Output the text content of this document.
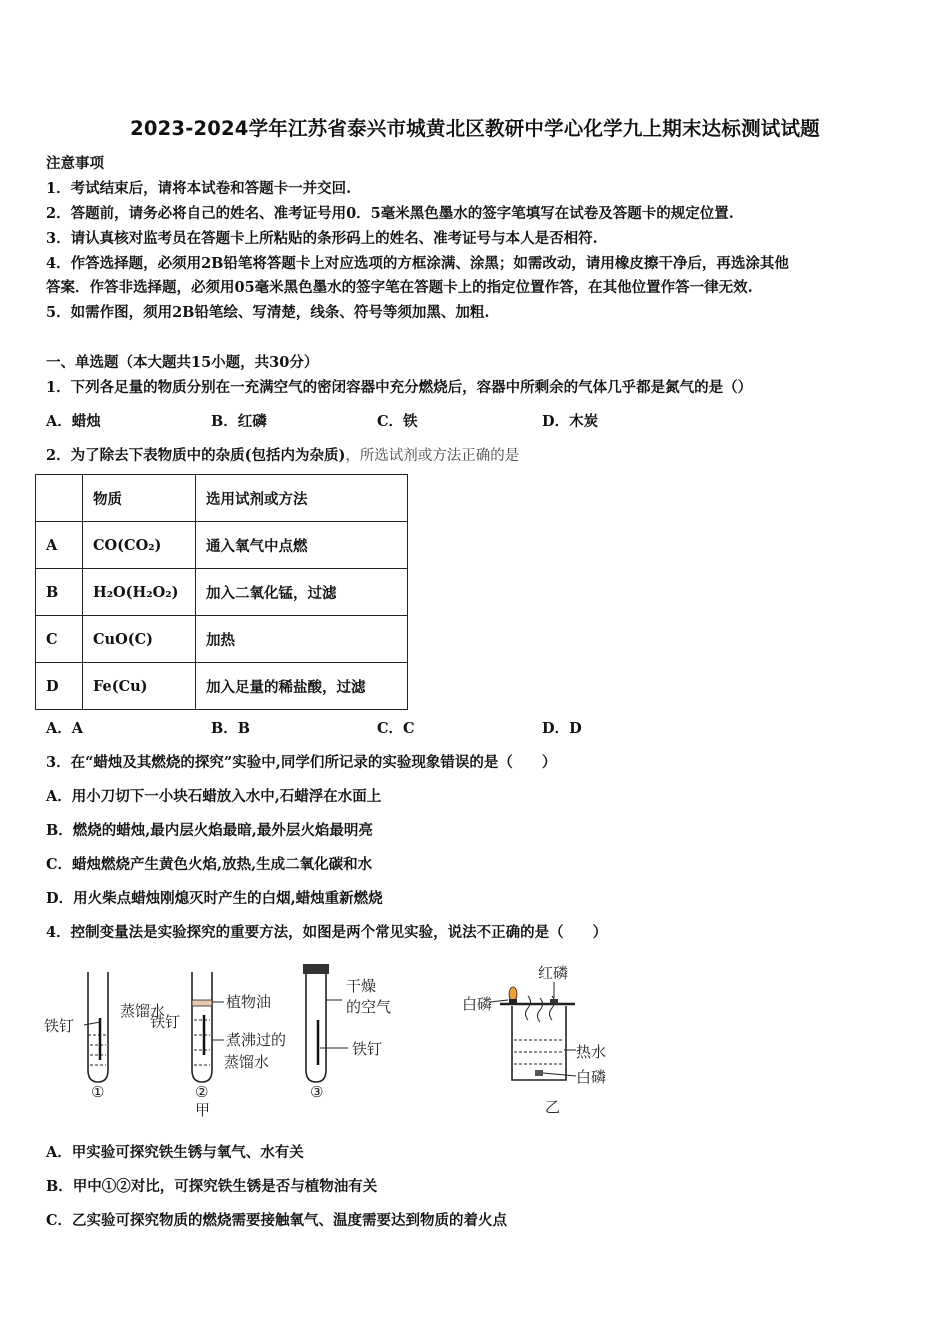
2023-2024学年江苏省泰兴市城黄北区教研中学心化学九上期末达标测试试题
注意事项
1．考试结束后，请将本试卷和答题卡一并交回.
2．答题前，请务必将自己的姓名、准考证号用0．5毫米黑色墨水的签字笔填写在试卷及答题卡的规定位置.
3．请认真核对监考员在答题卡上所粘贴的条形码上的姓名、准考证号与本人是否相符.
4．作答选择题，必须用2B铅笔将答题卡上对应选项的方框涂满、涂黑；如需改动，请用橡皮擦干净后，再选涂其他
答案．作答非选择题，必须用05毫米黑色墨水的签字笔在答题卡上的指定位置作答，在其他位置作答一律无效.
5．如需作图，须用2B铅笔绘、写清楚，线条、符号等须加黑、加粗.
一、单选题（本大题共15小题，共30分）
1．下列各足量的物质分别在一充满空气的密闭容器中充分燃烧后，容器中所剩余的气体几乎都是氮气的是（）
A．蜡烛	B．红磷	C．铁	D．木炭
2．为了除去下表物质中的杂质(包括内为杂质)，所选试剂或方法正确的是
	物质	选用试剂或方法
A	CO(CO₂)	通入氧气中点燃
B	H₂O(H₂O₂)	加入二氧化锰，过滤
C	CuO(C)	加热
D	Fe(Cu)	加入足量的稀盐酸，过滤
A．A	B．B	C．C	D．D
3．在“蜡烛及其燃烧的探究”实验中,同学们所记录的实验现象错误的是（　　）
A．用小刀切下一小块石蜡放入水中,石蜡浮在水面上
B．燃烧的蜡烛,最内层火焰最暗,最外层火焰最明亮
C．蜡烛燃烧产生黄色火焰,放热,生成二氧化碳和水
D．用火柴点蜡烛刚熄灭时产生的白烟,蜡烛重新燃烧
4．控制变量法是实验探究的重要方法，如图是两个常见实验，说法不正确的是（　　）
铁钉
蒸馏水
①
铁钉
植物油
煮沸过的
蒸馏水
②
甲
干燥
的空气
铁钉
③
红磷
白磷
热水
白磷
乙
A．甲实验可探究铁生锈与氧气、水有关
B．甲中①②对比，可探究铁生锈是否与植物油有关
C．乙实验可探究物质的燃烧需要接触氧气、温度需要达到物质的着火点
